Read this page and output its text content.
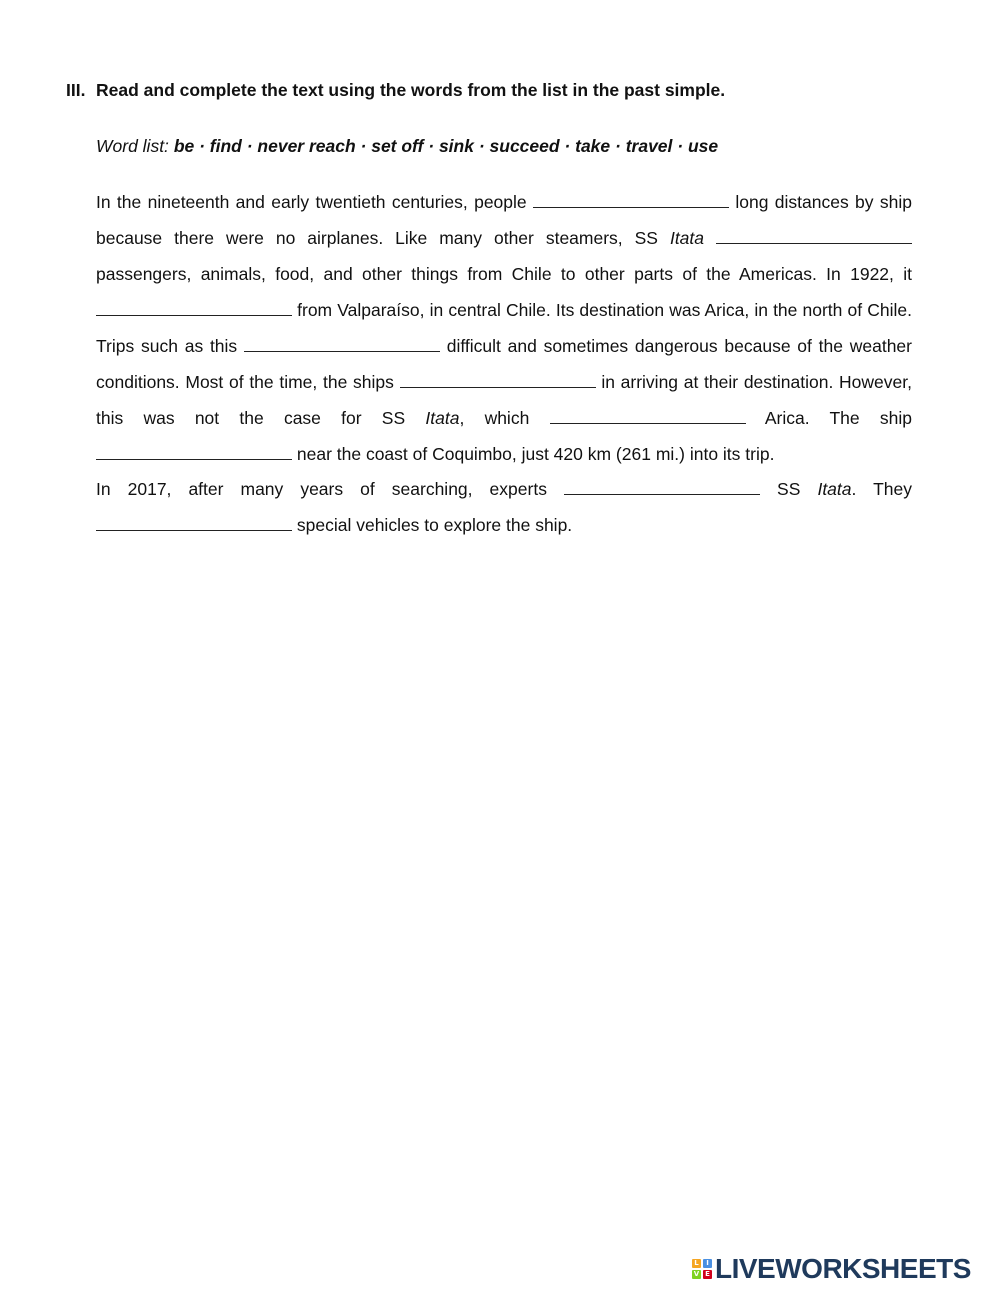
III. Read and complete the text using the words from the list in the past simple.
Word list: be · find · never reach · set off · sink · succeed · take · travel · use
In the nineteenth and early twentieth centuries, people	long distances by ship because there were no airplanes. Like many other steamers, SS Itata  passengers, animals, food, and other things from Chile to other parts of the Americas. In 1922, it  from Valparaíso, in central Chile. Its destination was Arica, in the north of Chile. Trips such as this	difficult and sometimes dangerous because of the weather conditions. Most of the time, the ships	in arriving at their destination. However, this was not the case for SS Itata, which	Arica. The ship  near the coast of Coquimbo, just 420 km (261 mi.) into its trip.
In 2017, after many years of searching, experts	SS Itata. They  special vehicles to explore the ship.
L	I
V E LIVEWORKSHEETS
